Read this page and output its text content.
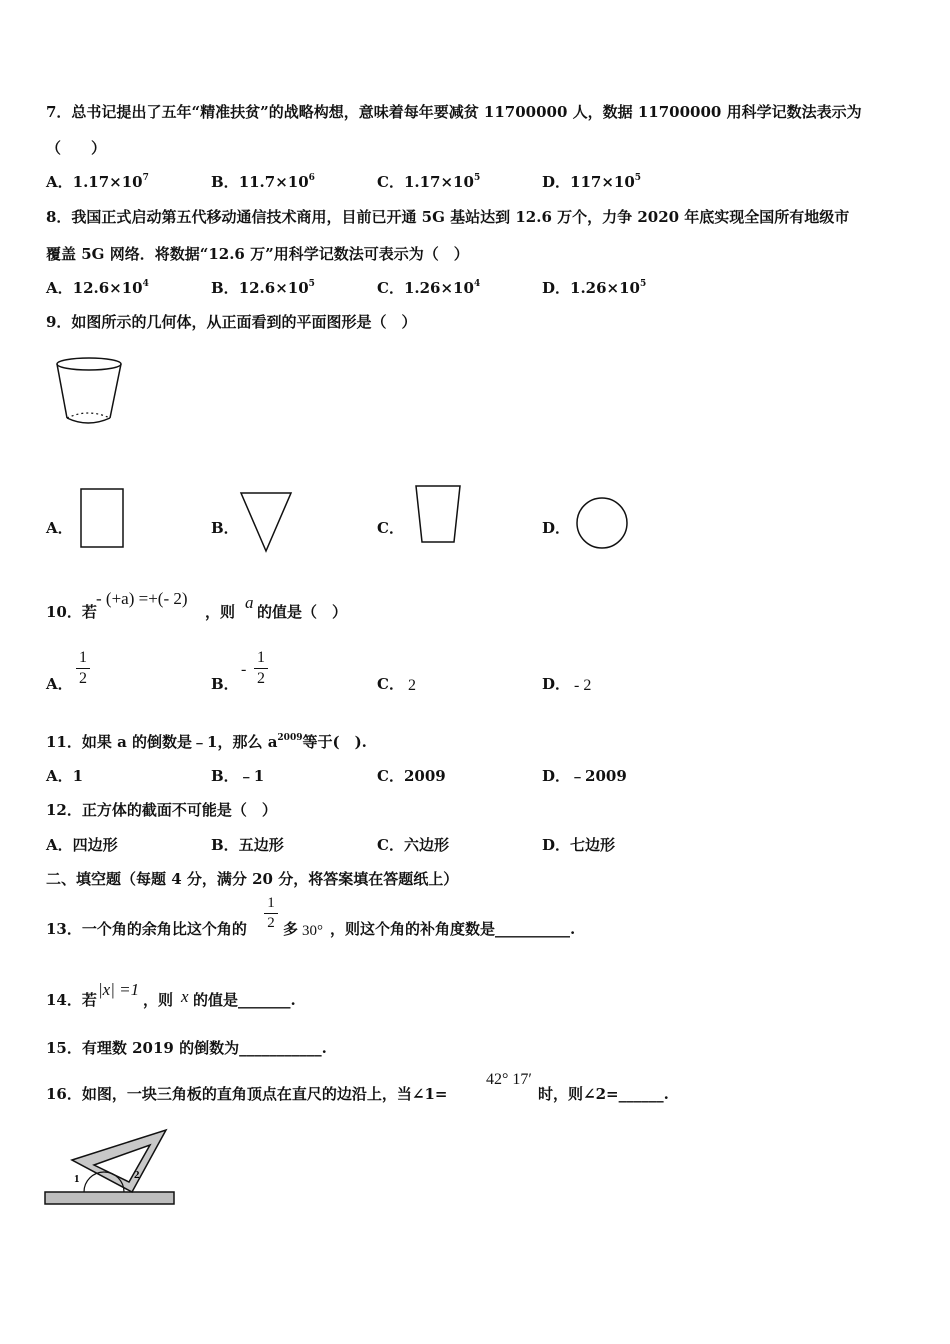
7．总书记提出了五年“精准扶贫”的战略构想，意味着每年要减贫 11700000 人，数据 11700000 用科学记数法表示为
（　　）
A．$1.17\times 10^7$	B．$11.7\times 10^6$	C．$1.17\times 10^5$	D．$117\times 10^5$
8．我国正式启动第五代移动通信技术商用，目前已开通 5G 基站达到 12.6 万个，力争 2020 年底实现全国所有地级市
覆盖 5G 网络．将数据“12.6 万”用科学记数法可表示为（　）
A．$12.6\times 10^4$	B．$12.6\times 10^5$	C．$1.26\times 10^4$	D．$1.26\times 10^5$
9．如图所示的几何体，从正面看到的平面图形是（　）
A．	B．	C．	D．
10．若
- (+a) =+(- 2)
，则 a 的值是（　）
A．
1
2	B．
-
1
2	C． 2	D． - 2
11．如果 a 的倒数是﹣1，那么 $a^{2009}$等于(　).
A．1	B．﹣1	C．2009	D．﹣2009
12．正方体的截面不可能是（　）
A．四边形	B．五边形	C．六边形	D．七边形
二、填空题（每题 4 分，满分 20 分，将答案填在答题纸上）
13．一个角的余角比这个角的
1
2 多 30° ，则这个角的补角度数是__________.
14．若
|x| =1
，则 x 的值是_______.
15．有理数 2019 的倒数为___________.
16．如图，一块三角板的直角顶点在直尺的边沿上，当∠1=
42° 17′
时，则∠2=______.
1	2
